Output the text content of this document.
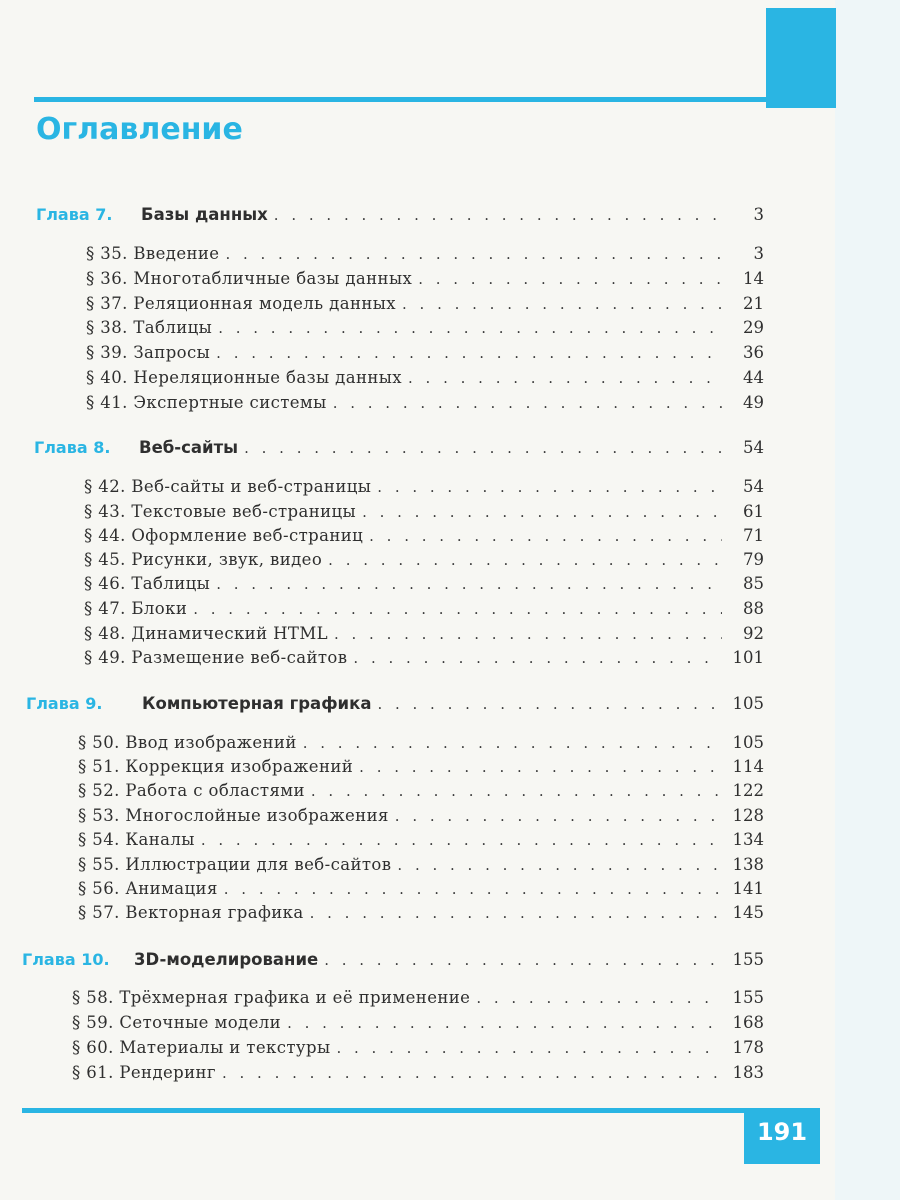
Оглавление
Глава 7.	Базы данных . . .	3
§ 35. Введение . . .	3
§ 36. Многотабличные базы данных . . .	14
§ 37. Реляционная модель данных . . .	21
§ 38. Таблицы . . .	29
§ 39. Запросы . . .	36
§ 40. Нереляционные базы данных . . .	44
§ 41. Экспертные системы . . .	49
Глава 8.	Веб-сайты . . .	54
§ 42. Веб-сайты и веб-страницы . . .	54
§ 43. Текстовые веб-страницы . . .	61
§ 44. Оформление веб-страниц . . .	71
§ 45. Рисунки, звук, видео . . .	79
§ 46. Таблицы . . .	85
§ 47. Блоки . . .	88
§ 48. Динамический HTML . . .	92
§ 49. Размещение веб-сайтов . . .	101
Глава 9.	Компьютерная графика . . .	105
§ 50. Ввод изображений . . .	105
§ 51. Коррекция изображений . . .	114
§ 52. Работа с областями . . .	122
§ 53. Многослойные изображения . . .	128
§ 54. Каналы . . .	134
§ 55. Иллюстрации для веб-сайтов . . .	138
§ 56. Анимация . . .	141
§ 57. Векторная графика . . .	145
Глава 10.	3D-моделирование . . .	155
§ 58. Трёхмерная графика и её применение . . .	155
§ 59. Сеточные модели . . .	168
§ 60. Материалы и текстуры . . .	178
§ 61. Рендеринг . . .	183
191
